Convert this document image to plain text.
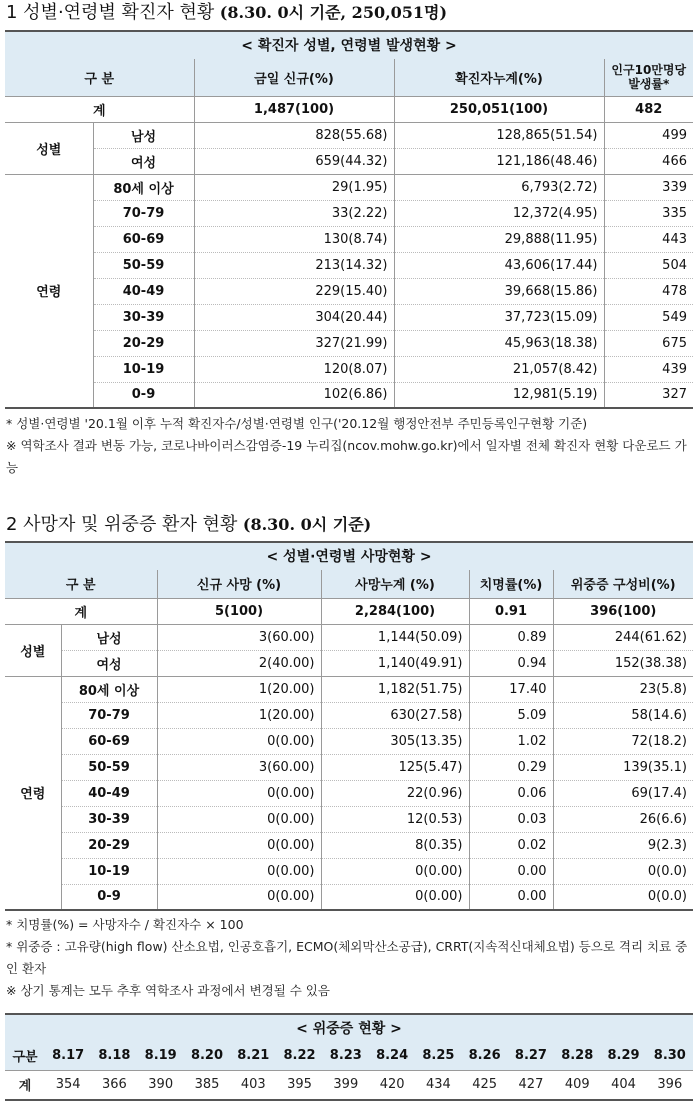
1 성별·연령별 확진자 현황 (8.30. 0시 기준, 250,051명)
< 확진자 성별, 연령별 발생현황 >
구 분		금일 신규(%)	확진자누계(%)	인구10만명당 발생률*
계		1,487(100)	250,051(100)	482
성별	남성	828(55.68)	128,865(51.54)	499
	여성	659(44.32)	121,186(48.46)	466
연령	80세 이상	29(1.95)	6,793(2.72)	339
	70-79	33(2.22)	12,372(4.95)	335
	60-69	130(8.74)	29,888(11.95)	443
	50-59	213(14.32)	43,606(17.44)	504
	40-49	229(15.40)	39,668(15.86)	478
	30-39	304(20.44)	37,723(15.09)	549
	20-29	327(21.99)	45,963(18.38)	675
	10-19	120(8.07)	21,057(8.42)	439
	0-9	102(6.86)	12,981(5.19)	327
* 성별·연령별 '20.1월 이후 누적 확진자수/성별·연령별 인구('20.12월 행정안전부 주민등록인구현황 기준)
※ 역학조사 결과 변동 가능, 코로나바이러스감염증-19 누리집(ncov.mohw.go.kr)에서 일자별 전체 확진자 현황 다운로드 가능
2 사망자 및 위중증 환자 현황 (8.30. 0시 기준)
< 성별·연령별 사망현황 >
구 분		신규 사망 (%)	사망누계 (%)	치명률(%)	위중증 구성비(%)
계		5(100)	2,284(100)	0.91	396(100)
성별	남성	3(60.00)	1,144(50.09)	0.89	244(61.62)
	여성	2(40.00)	1,140(49.91)	0.94	152(38.38)
연령	80세 이상	1(20.00)	1,182(51.75)	17.40	23(5.8)
	70-79	1(20.00)	630(27.58)	5.09	58(14.6)
	60-69	0(0.00)	305(13.35)	1.02	72(18.2)
	50-59	3(60.00)	125(5.47)	0.29	139(35.1)
	40-49	0(0.00)	22(0.96)	0.06	69(17.4)
	30-39	0(0.00)	12(0.53)	0.03	26(6.6)
	20-29	0(0.00)	8(0.35)	0.02	9(2.3)
	10-19	0(0.00)	0(0.00)	0.00	0(0.0)
	0-9	0(0.00)	0(0.00)	0.00	0(0.0)
* 치명률(%) = 사망자수 / 확진자수 × 100
* 위중증 : 고유량(high flow) 산소요법, 인공호흡기, ECMO(체외막산소공급), CRRT(지속적신대체요법) 등으로 격리 치료 중인 환자
※ 상기 통계는 모두 추후 역학조사 과정에서 변경될 수 있음
< 위중증 현황 >
구분	8.17	8.18	8.19	8.20	8.21	8.22	8.23	8.24	8.25	8.26	8.27	8.28	8.29	8.30
계	354	366	390	385	403	395	399	420	434	425	427	409	404	396
